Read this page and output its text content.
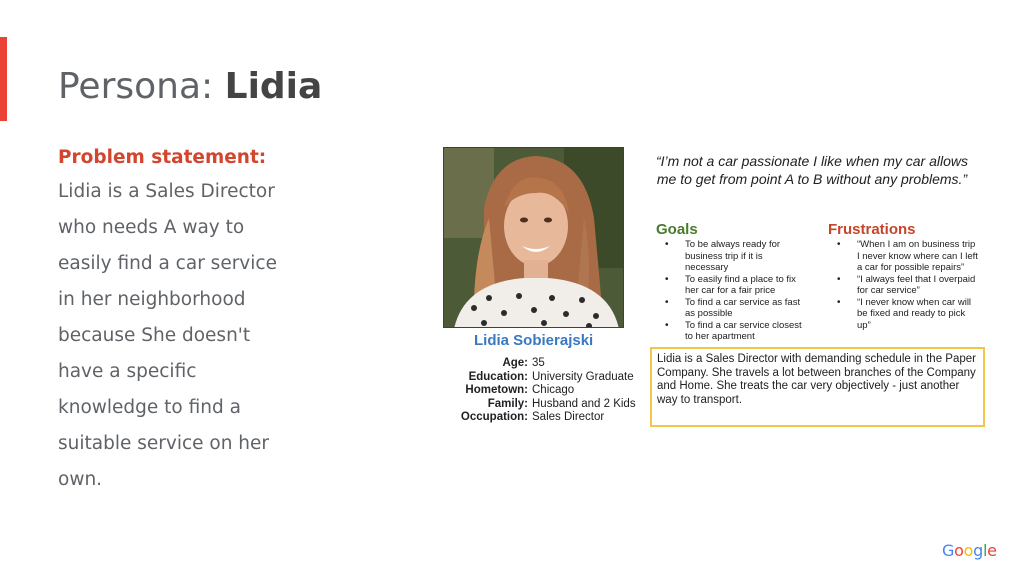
Persona: Lidia
Problem statement:
Lidia is a Sales Director who needs A way to easily find a car service in her neighborhood because She doesn't have a specific knowledge to find a suitable service on her own.
Lidia Sobierajski
Age: 35
Education: University Graduate
Hometown: Chicago
Family: Husband and 2 Kids
Occupation: Sales Director
“I’m not a car passionate I like when my car allows me to get from point A to B without any problems.”
Goals
• To be always ready for business trip if it is necessary
• To easily find a place to fix her car for a fair price
• To find a car service as fast as possible
• To find a car service closest to her apartment
Frustrations
• “When I am on business trip I never know where can I left a car for possible repairs”
• “I always feel that I overpaid for car service”
• “I never know when car will be fixed and ready to pick up”
Lidia is a Sales Director with demanding schedule in the Paper Company. She travels a lot between branches of the Company and Home. She treats the car very objectively - just another way to transport.
Google
